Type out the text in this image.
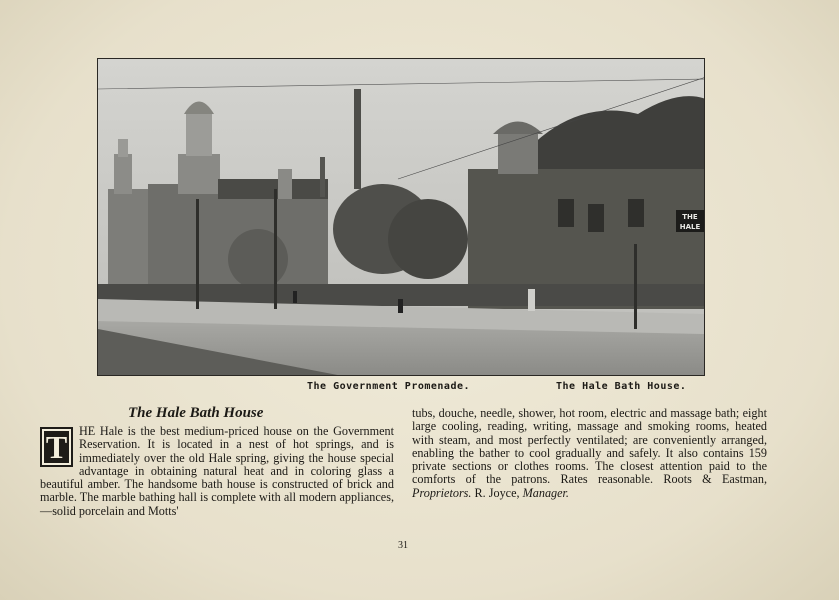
THE
HALE
The Government Promenade.	The Hale Bath House.
The Hale Bath House
T HE Hale is the best medium-priced house on the Government Reservation. It is located in a nest of hot springs, and is immediately over the old Hale spring, giving the house special advantage in obtaining natural heat and in coloring glass a beautiful amber. The handsome bath house is constructed of brick and marble. The marble bathing hall is complete with all modern appliances,—solid porcelain and Motts'
tubs, douche, needle, shower, hot room, electric and massage bath; eight large cooling, reading, writing, massage and smoking rooms, heated with steam, and most perfectly ventilated; are conveniently arranged, enabling the bather to cool gradually and safely. It also contains 159 private sections or clothes rooms. The closest attention paid to the comforts of the patrons. Rates reasonable. Roots & Eastman, Proprietors. R. Joyce, Manager.
31
